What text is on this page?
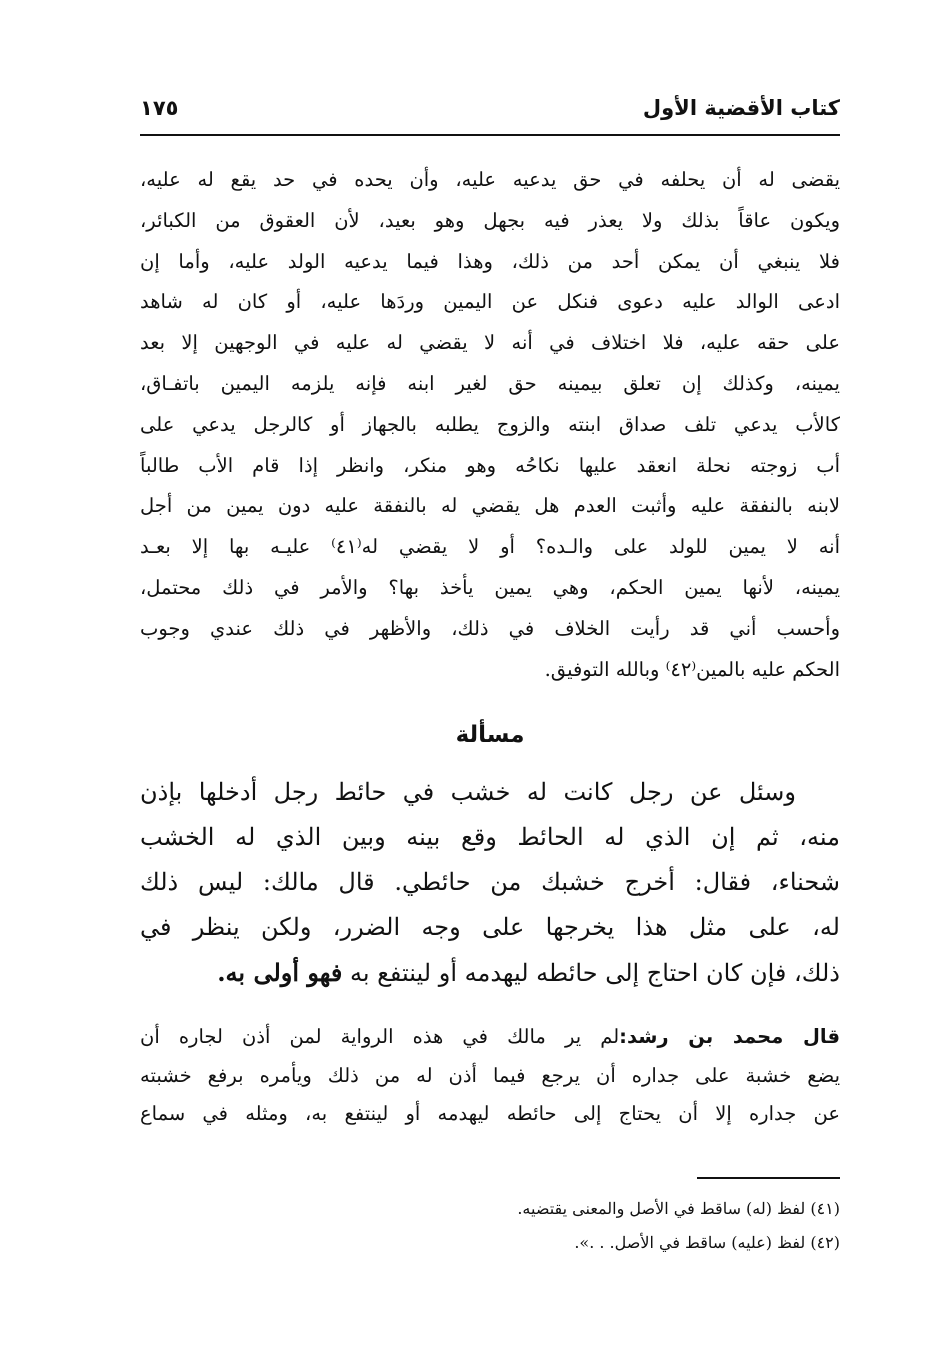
كتاب الأقضية الأول
١٧٥
يقضى له أن يحلفه في حق يدعيه عليه، وأن يحده في حد يقع له عليه،
ويكون عاقاً بذلك ولا يعذر فيه بجهل وهو بعيد، لأن العقوق من الكبائر،
فلا ينبغي أن يمكن أحد من ذلك، وهذا فيما يدعيه الولد عليه، وأما إن
ادعى الوالد عليه دعوى فنكل عن اليمين وردَها عليه، أو كان له شاهد
على حقه عليه، فلا اختلاف في أنه لا يقضي له عليه في الوجهين إلا بعد
يمينه، وكذلك إن تعلق بيمينه حق لغير ابنه فإنه يلزمه اليمين باتفـاق،
كالأب يدعي تلف صداق ابنته والزوج يطلبه بالجهاز أو كالرجل يدعي على
أب زوجته نحلة انعقد عليها نكاحُه وهو منكر، وانظر إذا قام الأب طالباً
لابنه بالنفقة عليه وأثبت العدم هل يقضي له بالنفقة عليه دون يمين من أجل
أنه لا يمين للولد على والـده؟ أو لا يقضي له⁽٤١⁾ عليـه بها إلا بعـد
يمينه، لأنها يمين الحكم، وهي يمين يأخذ بها؟ والأمر في ذلك محتمل،
وأحسب أني قد رأيت الخلاف في ذلك، والأظهر في ذلك عندي وجوب
الحكم عليه بالمين⁽٤٢⁾ وبالله التوفيق.
مسألة
وسئل عن رجل كانت له خشب في حائط رجل أدخلها بإذن
منه، ثم إن الذي له الحائط وقع بينه وبين الذي له الخشب
شحناء، فقال: أخرج خشبك من حائطي. قال مالك: ليس ذلك
له، على مثل هذا يخرجها على وجه الضرر، ولكن ينظر في
ذلك، فإن كان احتاج إلى حائطه ليهدمه أو لينتفع به فهو أولى به.
قال محمد بن رشد:لم ير مالك في هذه الرواية لمن أذن لجاره أن
يضع خشبة على جداره أن يرجع فيما أذن له من ذلك ويأمره برفع خشبته
عن جداره إلا أن يحتاج إلى حائطه ليهدمه أو لينتفع به، ومثله في سماع
(٤١) لفظ (له) ساقط في الأصل والمعنى يقتضيه.
(٤٢) لفظ (عليه) ساقط في الأصل. . .».
